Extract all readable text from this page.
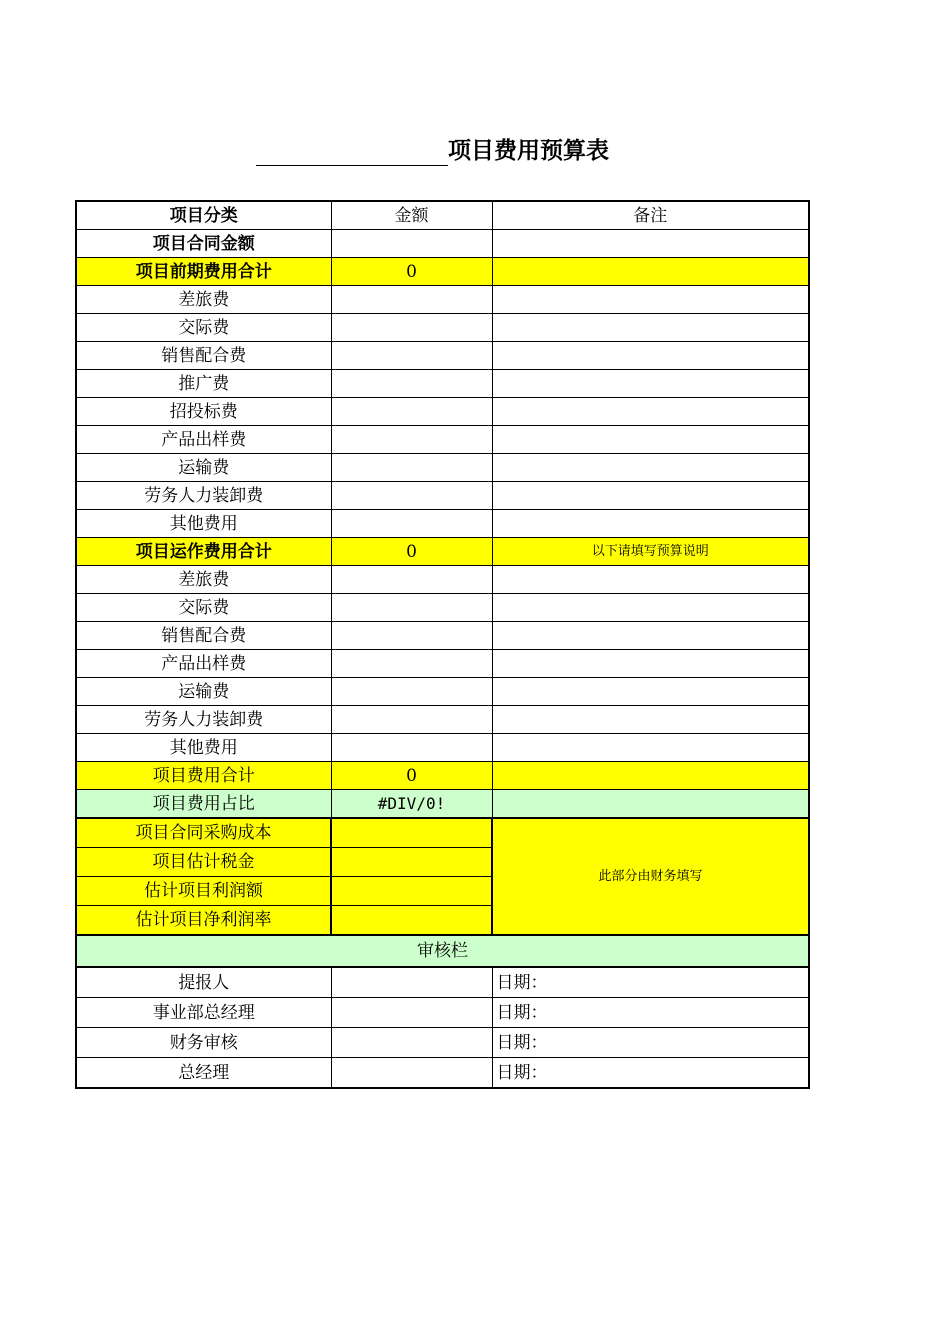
项目费用预算表
项目分类	金额	备注
项目合同金额		
项目前期费用合计	0	
差旅费		
交际费		
销售配合费		
推广费		
招投标费		
产品出样费		
运输费		
劳务人力装卸费		
其他费用		
项目运作费用合计	0	以下请填写预算说明
差旅费		
交际费		
销售配合费		
产品出样费		
运输费		
劳务人力装卸费		
其他费用		
项目费用合计	0	
项目费用占比	#DIV/0!	
项目合同采购成本		此部分由财务填写
项目估计税金		
估计项目利润额		
估计项目净利润率		
审核栏		
提报人		日期：
事业部总经理		日期：
财务审核		日期：
总经理		日期：
